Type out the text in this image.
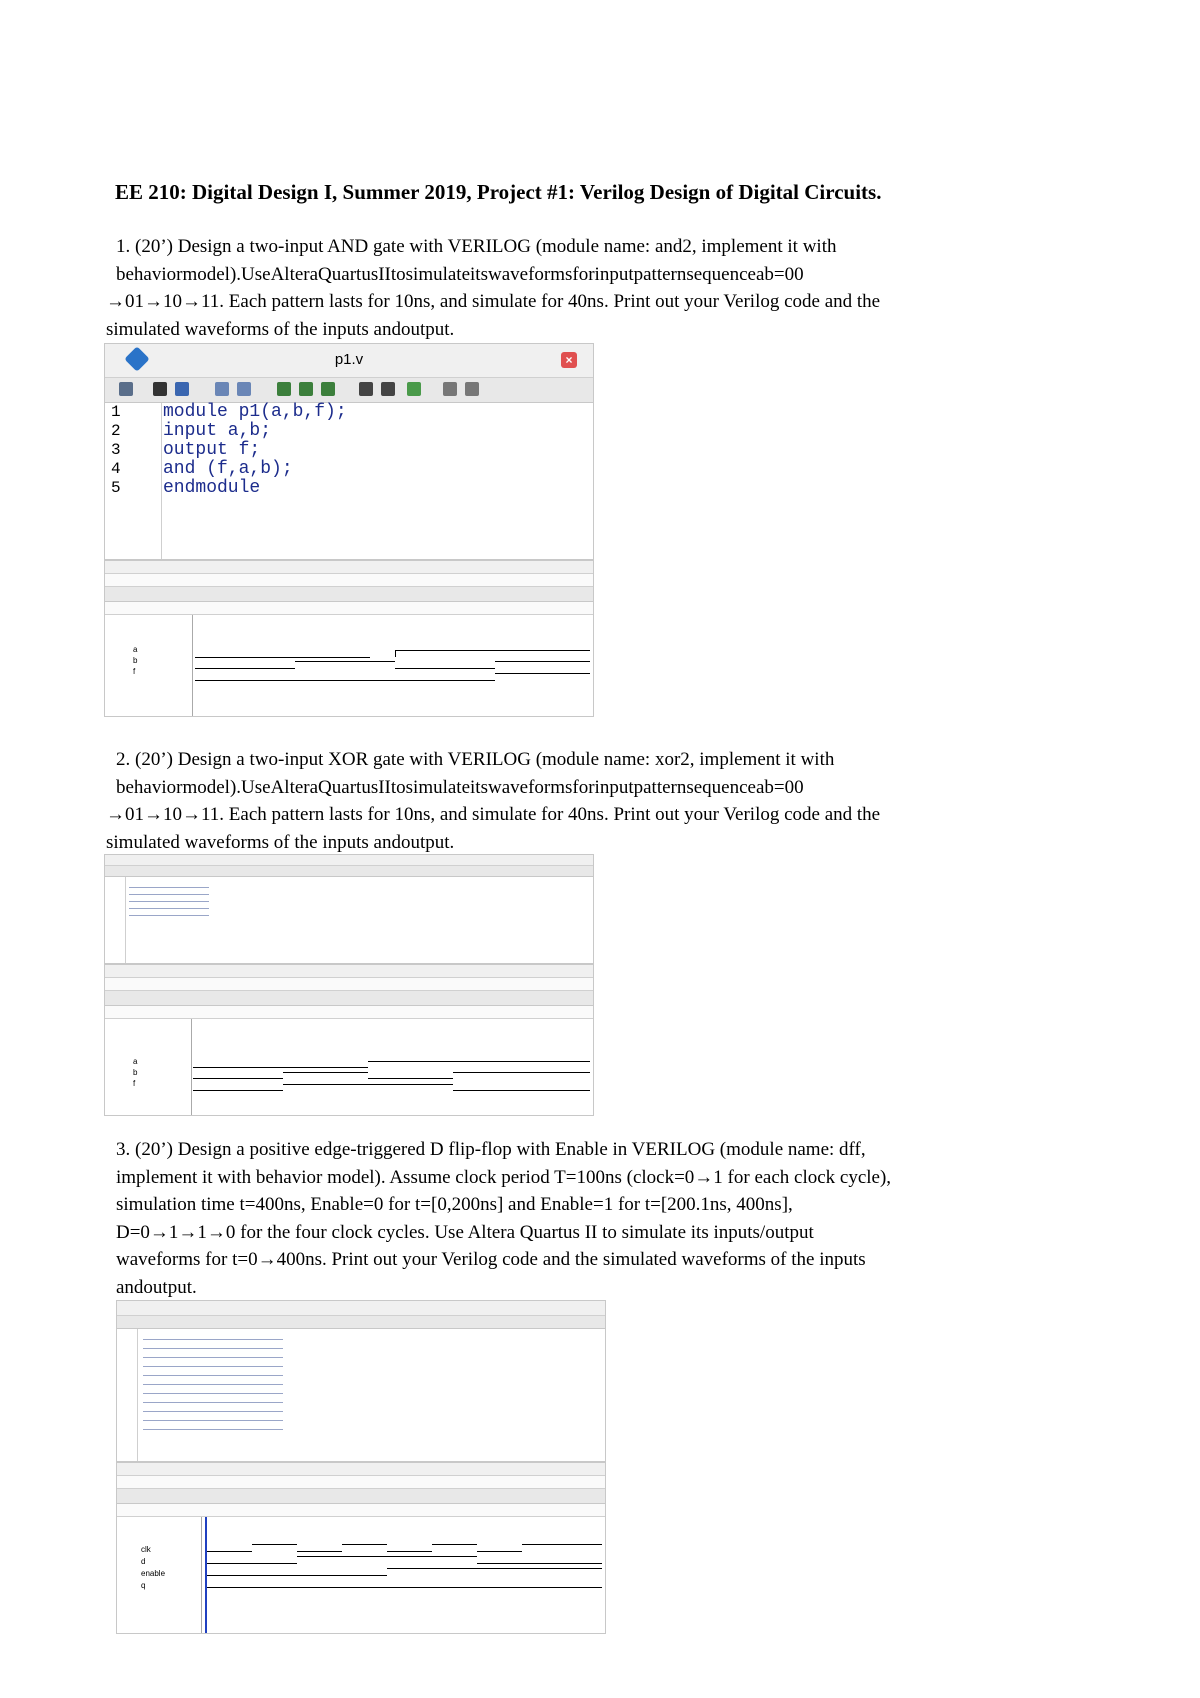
EE 210: Digital Design I, Summer 2019, Project #1: Verilog Design of Digital Circuits.
1. (20’) Design a two-input AND gate with VERILOG (module name: and2, implement it with
behaviormodel).UseAlteraQuartusIItosimulateitswaveformsforinputpatternsequenceab=00
→01→10→11. Each pattern lasts for 10ns, and simulate for 40ns. Print out your Verilog code and the
simulated waveforms of the inputs andoutput.
p1.v	×
1
2
3
4
5
module p1(a,b,f);
input a,b;
output f;
and (f,a,b);
endmodule
a
b
f
2. (20’) Design a two-input XOR gate with VERILOG (module name: xor2, implement it with
behaviormodel).UseAlteraQuartusIItosimulateitswaveformsforinputpatternsequenceab=00
→01→10→11. Each pattern lasts for 10ns, and simulate for 40ns. Print out your Verilog code and the
simulated waveforms of the inputs andoutput.
a
b
f
3. (20’) Design a positive edge-triggered D flip-flop with Enable in VERILOG (module name: dff,
implement it with behavior model). Assume clock period T=100ns (clock=0→1 for each clock cycle),
simulation time t=400ns, Enable=0 for t=[0,200ns] and Enable=1 for t=[200.1ns, 400ns],
D=0→1→1→0 for the four clock cycles. Use Altera Quartus II to simulate its inputs/output
waveforms for t=0→400ns. Print out your Verilog code and the simulated waveforms of the inputs
andoutput.
clk
d
enable
q
